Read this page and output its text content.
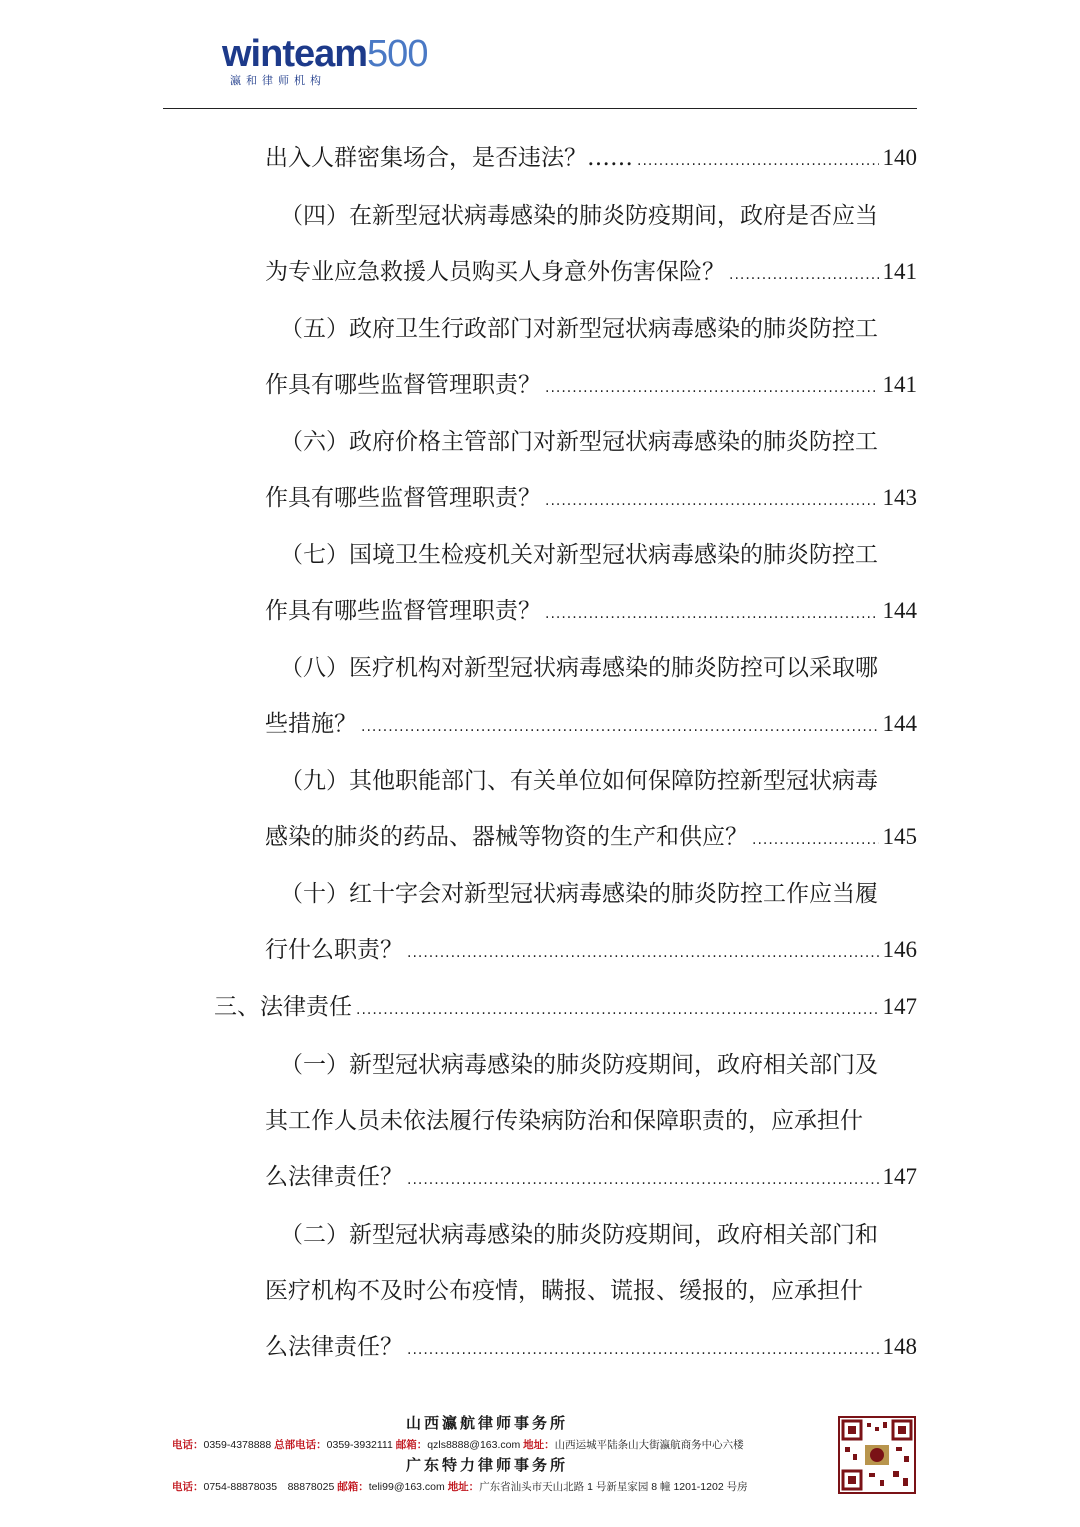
winteam500
瀛和律师机构
出入人群密集场合，是否违法？…… .....	140
（四）在新型冠状病毒感染的肺炎防疫期间，政府是否应当
为专业应急救援人员购买人身意外伤害保险？ .....	141
（五）政府卫生行政部门对新型冠状病毒感染的肺炎防控工
作具有哪些监督管理职责？ .....	141
（六）政府价格主管部门对新型冠状病毒感染的肺炎防控工
作具有哪些监督管理职责？ .....	143
（七）国境卫生检疫机关对新型冠状病毒感染的肺炎防控工
作具有哪些监督管理职责？ .....	144
（八）医疗机构对新型冠状病毒感染的肺炎防控可以采取哪
些措施？ .....	144
（九）其他职能部门、有关单位如何保障防控新型冠状病毒
感染的肺炎的药品、器械等物资的生产和供应？ .....	145
（十）红十字会对新型冠状病毒感染的肺炎防控工作应当履
行什么职责？ .....	146
三、法律责任 .....	147
（一）新型冠状病毒感染的肺炎防疫期间，政府相关部门及
其工作人员未依法履行传染病防治和保障职责的，应承担什
么法律责任？ .....	147
（二）新型冠状病毒感染的肺炎防疫期间，政府相关部门和
医疗机构不及时公布疫情，瞒报、谎报、缓报的，应承担什
么法律责任？ .....	148
山西瀛航律师事务所
电话：0359-4378888 总部电话：0359-3932111 邮箱：qzls8888@163.com 地址：山西运城平陆条山大街瀛航商务中心六楼
广东特力律师事务所
电话：0754-88878035　88878025 邮箱：teli99@163.com 地址：广东省汕头市天山北路 1 号新星家园 8 幢 1201-1202 号房
